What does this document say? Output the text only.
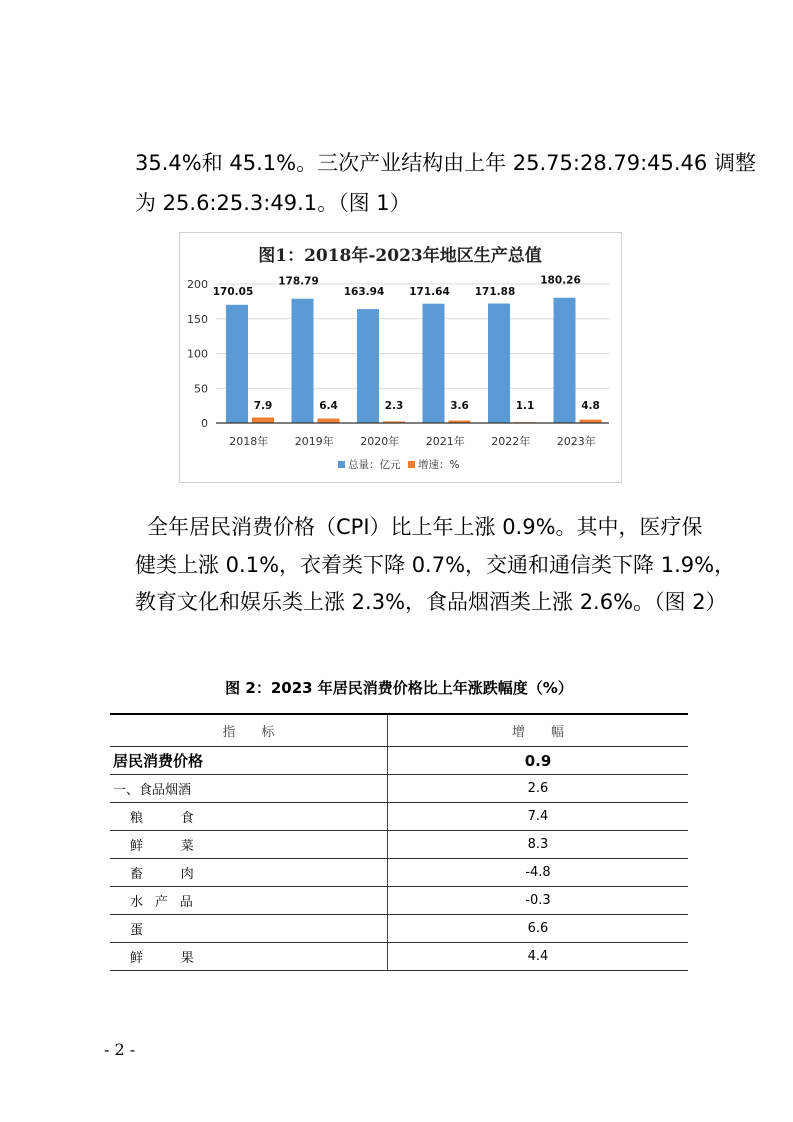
35.4%和 45.1%。三次产业结构由上年 25.75:28.79:45.46 调整
为 25.6:25.3:49.1。（图 1）
图1：2018年-2023年地区生产总值
0
50
100
150
200
170.05
7.9
2018年
178.79
6.4
2019年
163.94
2.3
2020年
171.64
3.6
2021年
171.88
1.1
2022年
180.26
4.8
2023年
总量：亿元 增速：%
全年居民消费价格（CPI）比上年上涨 0.9%。其中，医疗保
健类上涨 0.1%，衣着类下降 0.7%，交通和通信类下降 1.9%，
教育文化和娱乐类上涨 2.3%，食品烟酒类上涨 2.6%。（图 2）
图 2：2023 年居民消费价格比上年涨跌幅度（%）
指　　标	增　　幅
居民消费价格	0.9
一、食品烟酒	2.6
粮　　食	7.4
鲜　　菜	8.3
畜　　肉	-4.8
水 产 品	-0.3
蛋	6.6
鲜　　果	4.4
- 2 -
